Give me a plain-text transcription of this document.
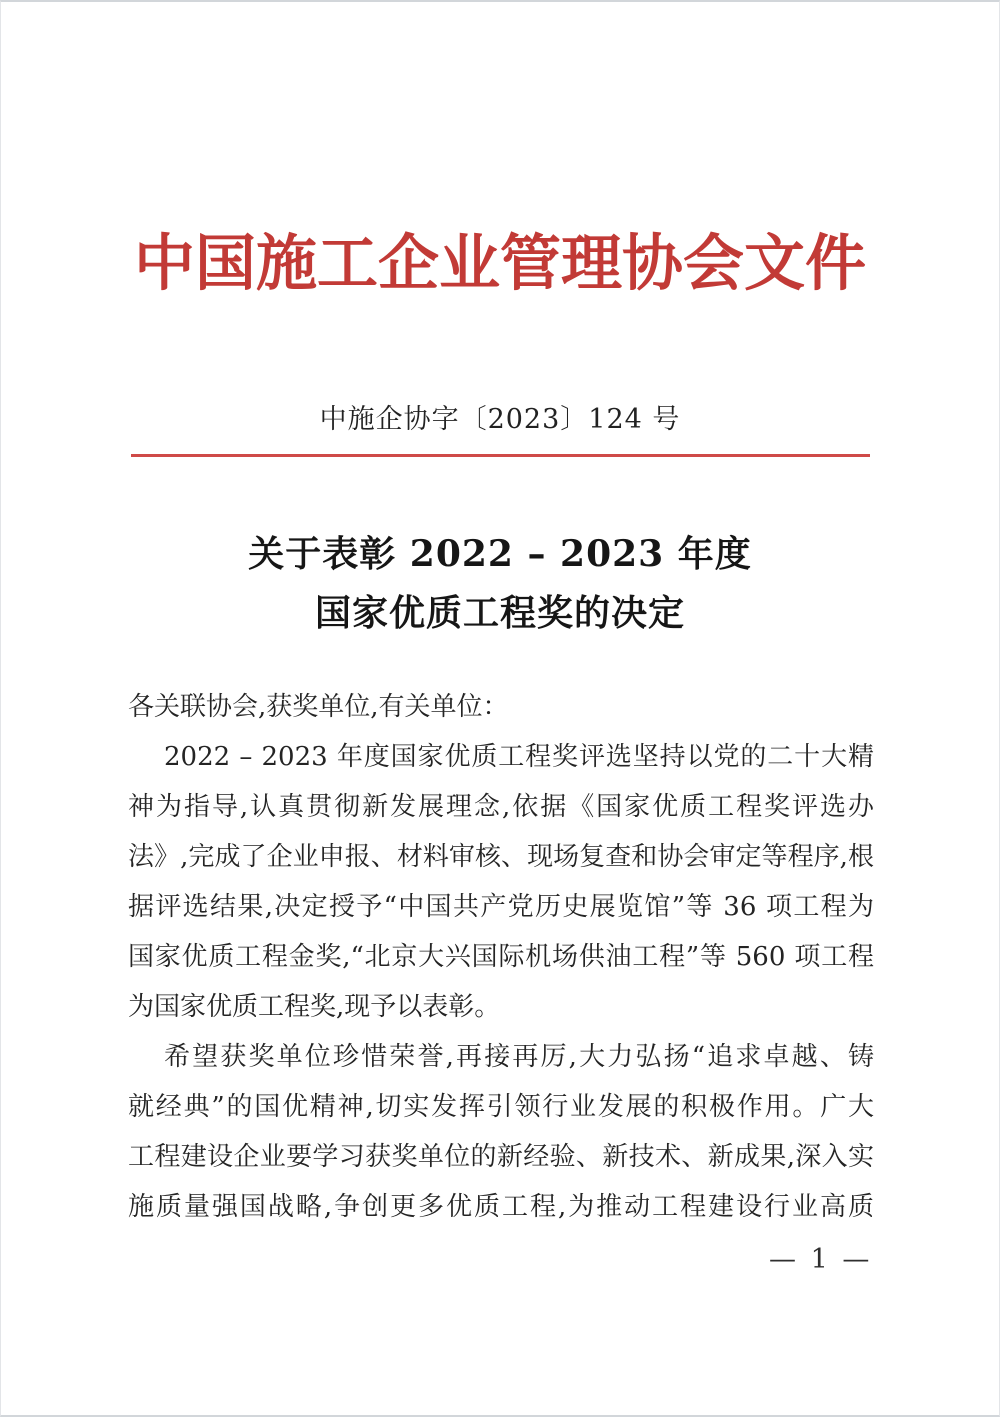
中国施工企业管理协会文件
中施企协字〔2023〕124 号
关于表彰 2022 – 2023 年度
国家优质工程奖的决定
各关联协会,获奖单位,有关单位：
2022 – 2023 年度国家优质工程奖评选坚持以党的二十大精
神为指导,认真贯彻新发展理念,依据《国家优质工程奖评选办
法》,完成了企业申报、材料审核、现场复查和协会审定等程序,根
据评选结果,决定授予“中国共产党历史展览馆”等 36 项工程为
国家优质工程金奖,“北京大兴国际机场供油工程”等 560 项工程
为国家优质工程奖,现予以表彰。
希望获奖单位珍惜荣誉,再接再厉,大力弘扬“追求卓越、铸
就经典”的国优精神,切实发挥引领行业发展的积极作用。广大
工程建设企业要学习获奖单位的新经验、新技术、新成果,深入实
施质量强国战略,争创更多优质工程,为推动工程建设行业高质
— 1 —
